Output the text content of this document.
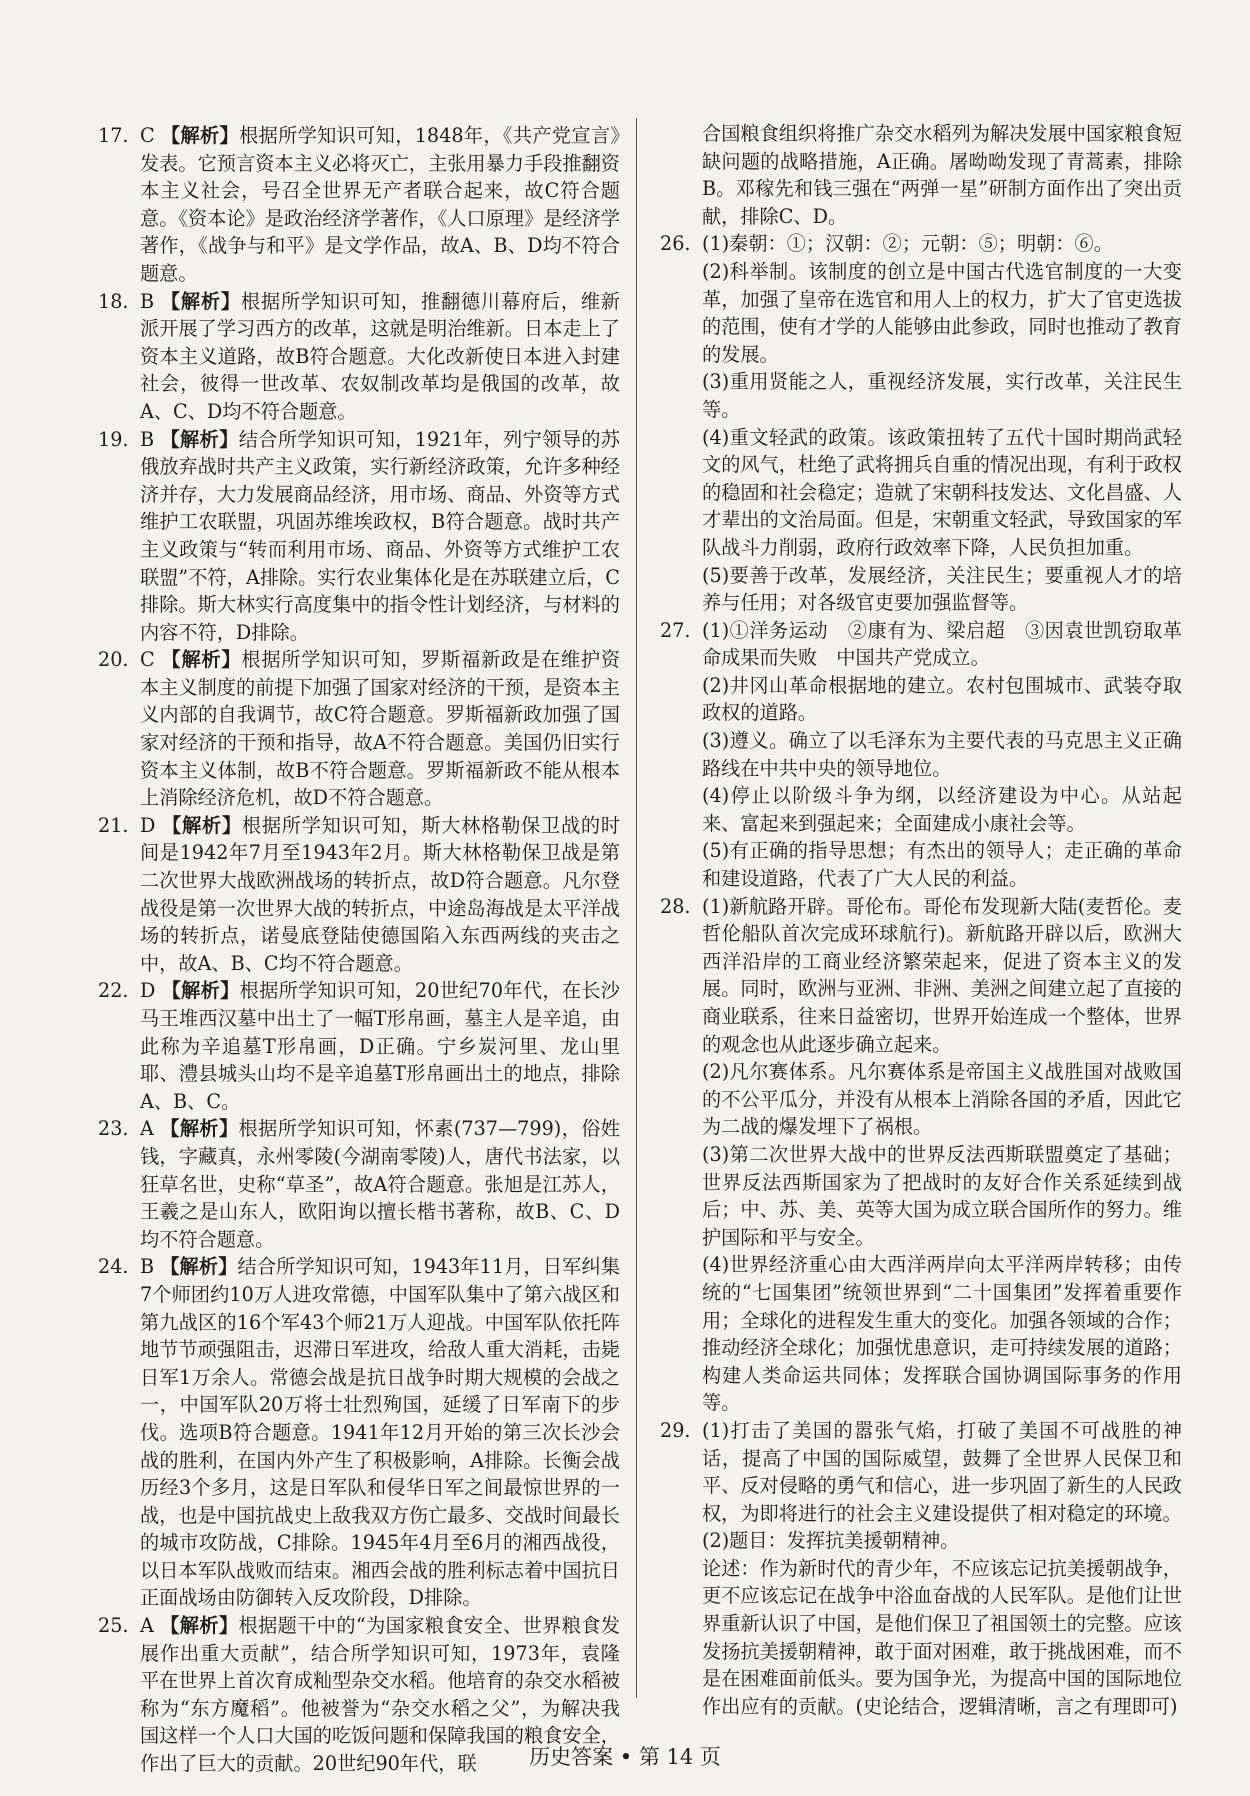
17. C 【解析】根据所学知识可知，1848年，《共产党宣言》发表。它预言资本主义必将灭亡，主张用暴力手段推翻资本主义社会，号召全世界无产者联合起来，故C符合题意。《资本论》是政治经济学著作，《人口原理》是经济学著作，《战争与和平》是文学作品，故A、B、D均不符合题意。
18. B 【解析】根据所学知识可知，推翻德川幕府后，维新派开展了学习西方的改革，这就是明治维新。日本走上了资本主义道路，故B符合题意。大化改新使日本进入封建社会，彼得一世改革、农奴制改革均是俄国的改革，故A、C、D均不符合题意。
19. B 【解析】结合所学知识可知，1921年，列宁领导的苏俄放弃战时共产主义政策，实行新经济政策，允许多种经济并存，大力发展商品经济，用市场、商品、外资等方式维护工农联盟，巩固苏维埃政权，B符合题意。战时共产主义政策与“转而利用市场、商品、外资等方式维护工农联盟”不符，A排除。实行农业集体化是在苏联建立后，C排除。斯大林实行高度集中的指令性计划经济，与材料的内容不符，D排除。
20. C 【解析】根据所学知识可知，罗斯福新政是在维护资本主义制度的前提下加强了国家对经济的干预，是资本主义内部的自我调节，故C符合题意。罗斯福新政加强了国家对经济的干预和指导，故A不符合题意。美国仍旧实行资本主义体制，故B不符合题意。罗斯福新政不能从根本上消除经济危机，故D不符合题意。
21. D 【解析】根据所学知识可知，斯大林格勒保卫战的时间是1942年7月至1943年2月。斯大林格勒保卫战是第二次世界大战欧洲战场的转折点，故D符合题意。凡尔登战役是第一次世界大战的转折点，中途岛海战是太平洋战场的转折点，诺曼底登陆使德国陷入东西两线的夹击之中，故A、B、C均不符合题意。
22. D 【解析】根据所学知识可知，20世纪70年代，在长沙马王堆西汉墓中出土了一幅T形帛画，墓主人是辛追，由此称为辛追墓T形帛画，D正确。宁乡炭河里、龙山里耶、澧县城头山均不是辛追墓T形帛画出土的地点，排除A、B、C。
23. A 【解析】根据所学知识可知，怀素(737—799)，俗姓钱，字藏真，永州零陵(今湖南零陵)人，唐代书法家，以狂草名世，史称“草圣”，故A符合题意。张旭是江苏人，王羲之是山东人，欧阳询以擅长楷书著称，故B、C、D均不符合题意。
24. B 【解析】结合所学知识可知，1943年11月，日军纠集7个师团约10万人进攻常德，中国军队集中了第六战区和第九战区的16个军43个师21万人迎战。中国军队依托阵地节节顽强阻击，迟滞日军进攻，给敌人重大消耗，击毙日军1万余人。常德会战是抗日战争时期大规模的会战之一，中国军队20万将士壮烈殉国，延缓了日军南下的步伐。选项B符合题意。1941年12月开始的第三次长沙会战的胜利，在国内外产生了积极影响，A排除。长衡会战历经3个多月，这是日军队和侵华日军之间最惊世界的一战，也是中国抗战史上敌我双方伤亡最多、交战时间最长的城市攻防战，C排除。1945年4月至6月的湘西战役，以日本军队战败而结束。湘西会战的胜利标志着中国抗日正面战场由防御转入反攻阶段，D排除。
25. A 【解析】根据题干中的“为国家粮食安全、世界粮食发展作出重大贡献”，结合所学知识可知，1973年，袁隆平在世界上首次育成籼型杂交水稻。他培育的杂交水稻被称为“东方魔稻”。他被誉为“杂交水稻之父”，为解决我国这样一个人口大国的吃饭问题和保障我国的粮食安全，作出了巨大的贡献。20世纪90年代，联
合国粮食组织将推广杂交水稻列为解决发展中国家粮食短缺问题的战略措施，A正确。屠呦呦发现了青蒿素，排除B。邓稼先和钱三强在“两弹一星”研制方面作出了突出贡献，排除C、D。
26. (1)秦朝：①；汉朝：②；元朝：⑤；明朝：⑥。

(2)科举制。该制度的创立是中国古代选官制度的一大变革，加强了皇帝在选官和用人上的权力，扩大了官吏选拔的范围，使有才学的人能够由此参政，同时也推动了教育的发展。

(3)重用贤能之人，重视经济发展，实行改革，关注民生等。

(4)重文轻武的政策。该政策扭转了五代十国时期尚武轻文的风气，杜绝了武将拥兵自重的情况出现，有利于政权的稳固和社会稳定；造就了宋朝科技发达、文化昌盛、人才辈出的文治局面。但是，宋朝重文轻武，导致国家的军队战斗力削弱，政府行政效率下降，人民负担加重。

(5)要善于改革，发展经济，关注民生；要重视人才的培养与任用；对各级官吏要加强监督等。

27. (1)①洋务运动　②康有为、梁启超　③因袁世凯窃取革命成果而失败　中国共产党成立。

(2)井冈山革命根据地的建立。农村包围城市、武装夺取政权的道路。

(3)遵义。确立了以毛泽东为主要代表的马克思主义正确路线在中共中央的领导地位。

(4)停止以阶级斗争为纲，以经济建设为中心。从站起来、富起来到强起来；全面建成小康社会等。

(5)有正确的指导思想；有杰出的领导人；走正确的革命和建设道路，代表了广大人民的利益。

28. (1)新航路开辟。哥伦布。哥伦布发现新大陆(麦哲伦。麦哲伦船队首次完成环球航行)。新航路开辟以后，欧洲大西洋沿岸的工商业经济繁荣起来，促进了资本主义的发展。同时，欧洲与亚洲、非洲、美洲之间建立起了直接的商业联系，往来日益密切，世界开始连成一个整体，世界的观念也从此逐步确立起来。

(2)凡尔赛体系。凡尔赛体系是帝国主义战胜国对战败国的不公平瓜分，并没有从根本上消除各国的矛盾，因此它为二战的爆发埋下了祸根。

(3)第二次世界大战中的世界反法西斯联盟奠定了基础；世界反法西斯国家为了把战时的友好合作关系延续到战后；中、苏、美、英等大国为成立联合国所作的努力。维护国际和平与安全。

(4)世界经济重心由大西洋两岸向太平洋两岸转移；由传统的“七国集团”统领世界到“二十国集团”发挥着重要作用；全球化的进程发生重大的变化。加强各领域的合作；推动经济全球化；加强忧患意识，走可持续发展的道路；构建人类命运共同体；发挥联合国协调国际事务的作用等。

29. (1)打击了美国的嚣张气焰，打破了美国不可战胜的神话，提高了中国的国际威望，鼓舞了全世界人民保卫和平、反对侵略的勇气和信心，进一步巩固了新生的人民政权，为即将进行的社会主义建设提供了相对稳定的环境。

(2)题目：发挥抗美援朝精神。

论述：作为新时代的青少年，不应该忘记抗美援朝战争，更不应该忘记在战争中浴血奋战的人民军队。是他们让世界重新认识了中国，是他们保卫了祖国领土的完整。应该发扬抗美援朝精神，敢于面对困难，敢于挑战困难，而不是在困难面前低头。要为国争光，为提高中国的国际地位作出应有的贡献。(史论结合，逻辑清晰，言之有理即可)

历史答案 • 第 14 页
